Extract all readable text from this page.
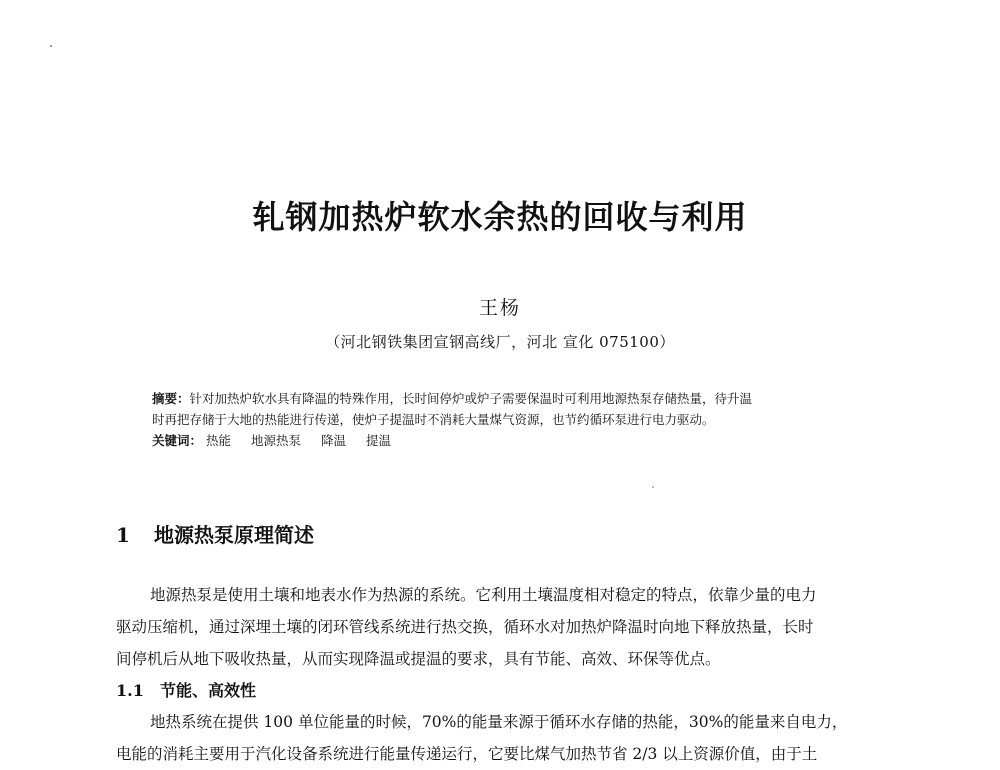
轧钢加热炉软水余热的回收与利用
王杨
（河北钢铁集团宣钢高线厂，河北 宣化 075100）
摘要：针对加热炉软水具有降温的特殊作用，长时间停炉或炉子需要保温时可利用地源热泵存储热量，待升温
时再把存储于大地的热能进行传递，使炉子提温时不消耗大量煤气资源，也节约循环泵进行电力驱动。
关键词： 热能 地源热泵 降温 提温
1 地源热泵原理简述
地源热泵是使用土壤和地表水作为热源的系统。它利用土壤温度相对稳定的特点，依靠少量的电力
驱动压缩机，通过深埋土壤的闭环管线系统进行热交换，循环水对加热炉降温时向地下释放热量，长时
间停机后从地下吸收热量，从而实现降温或提温的要求，具有节能、高效、环保等优点。
1.1 节能、高效性
地热系统在提供 100 单位能量的时候，70%的能量来源于循环水存储的热能，30%的能量来自电力，
电能的消耗主要用于汽化设备系统进行能量传递运行，它要比煤气加热节省 2/3 以上资源价值，由于土
